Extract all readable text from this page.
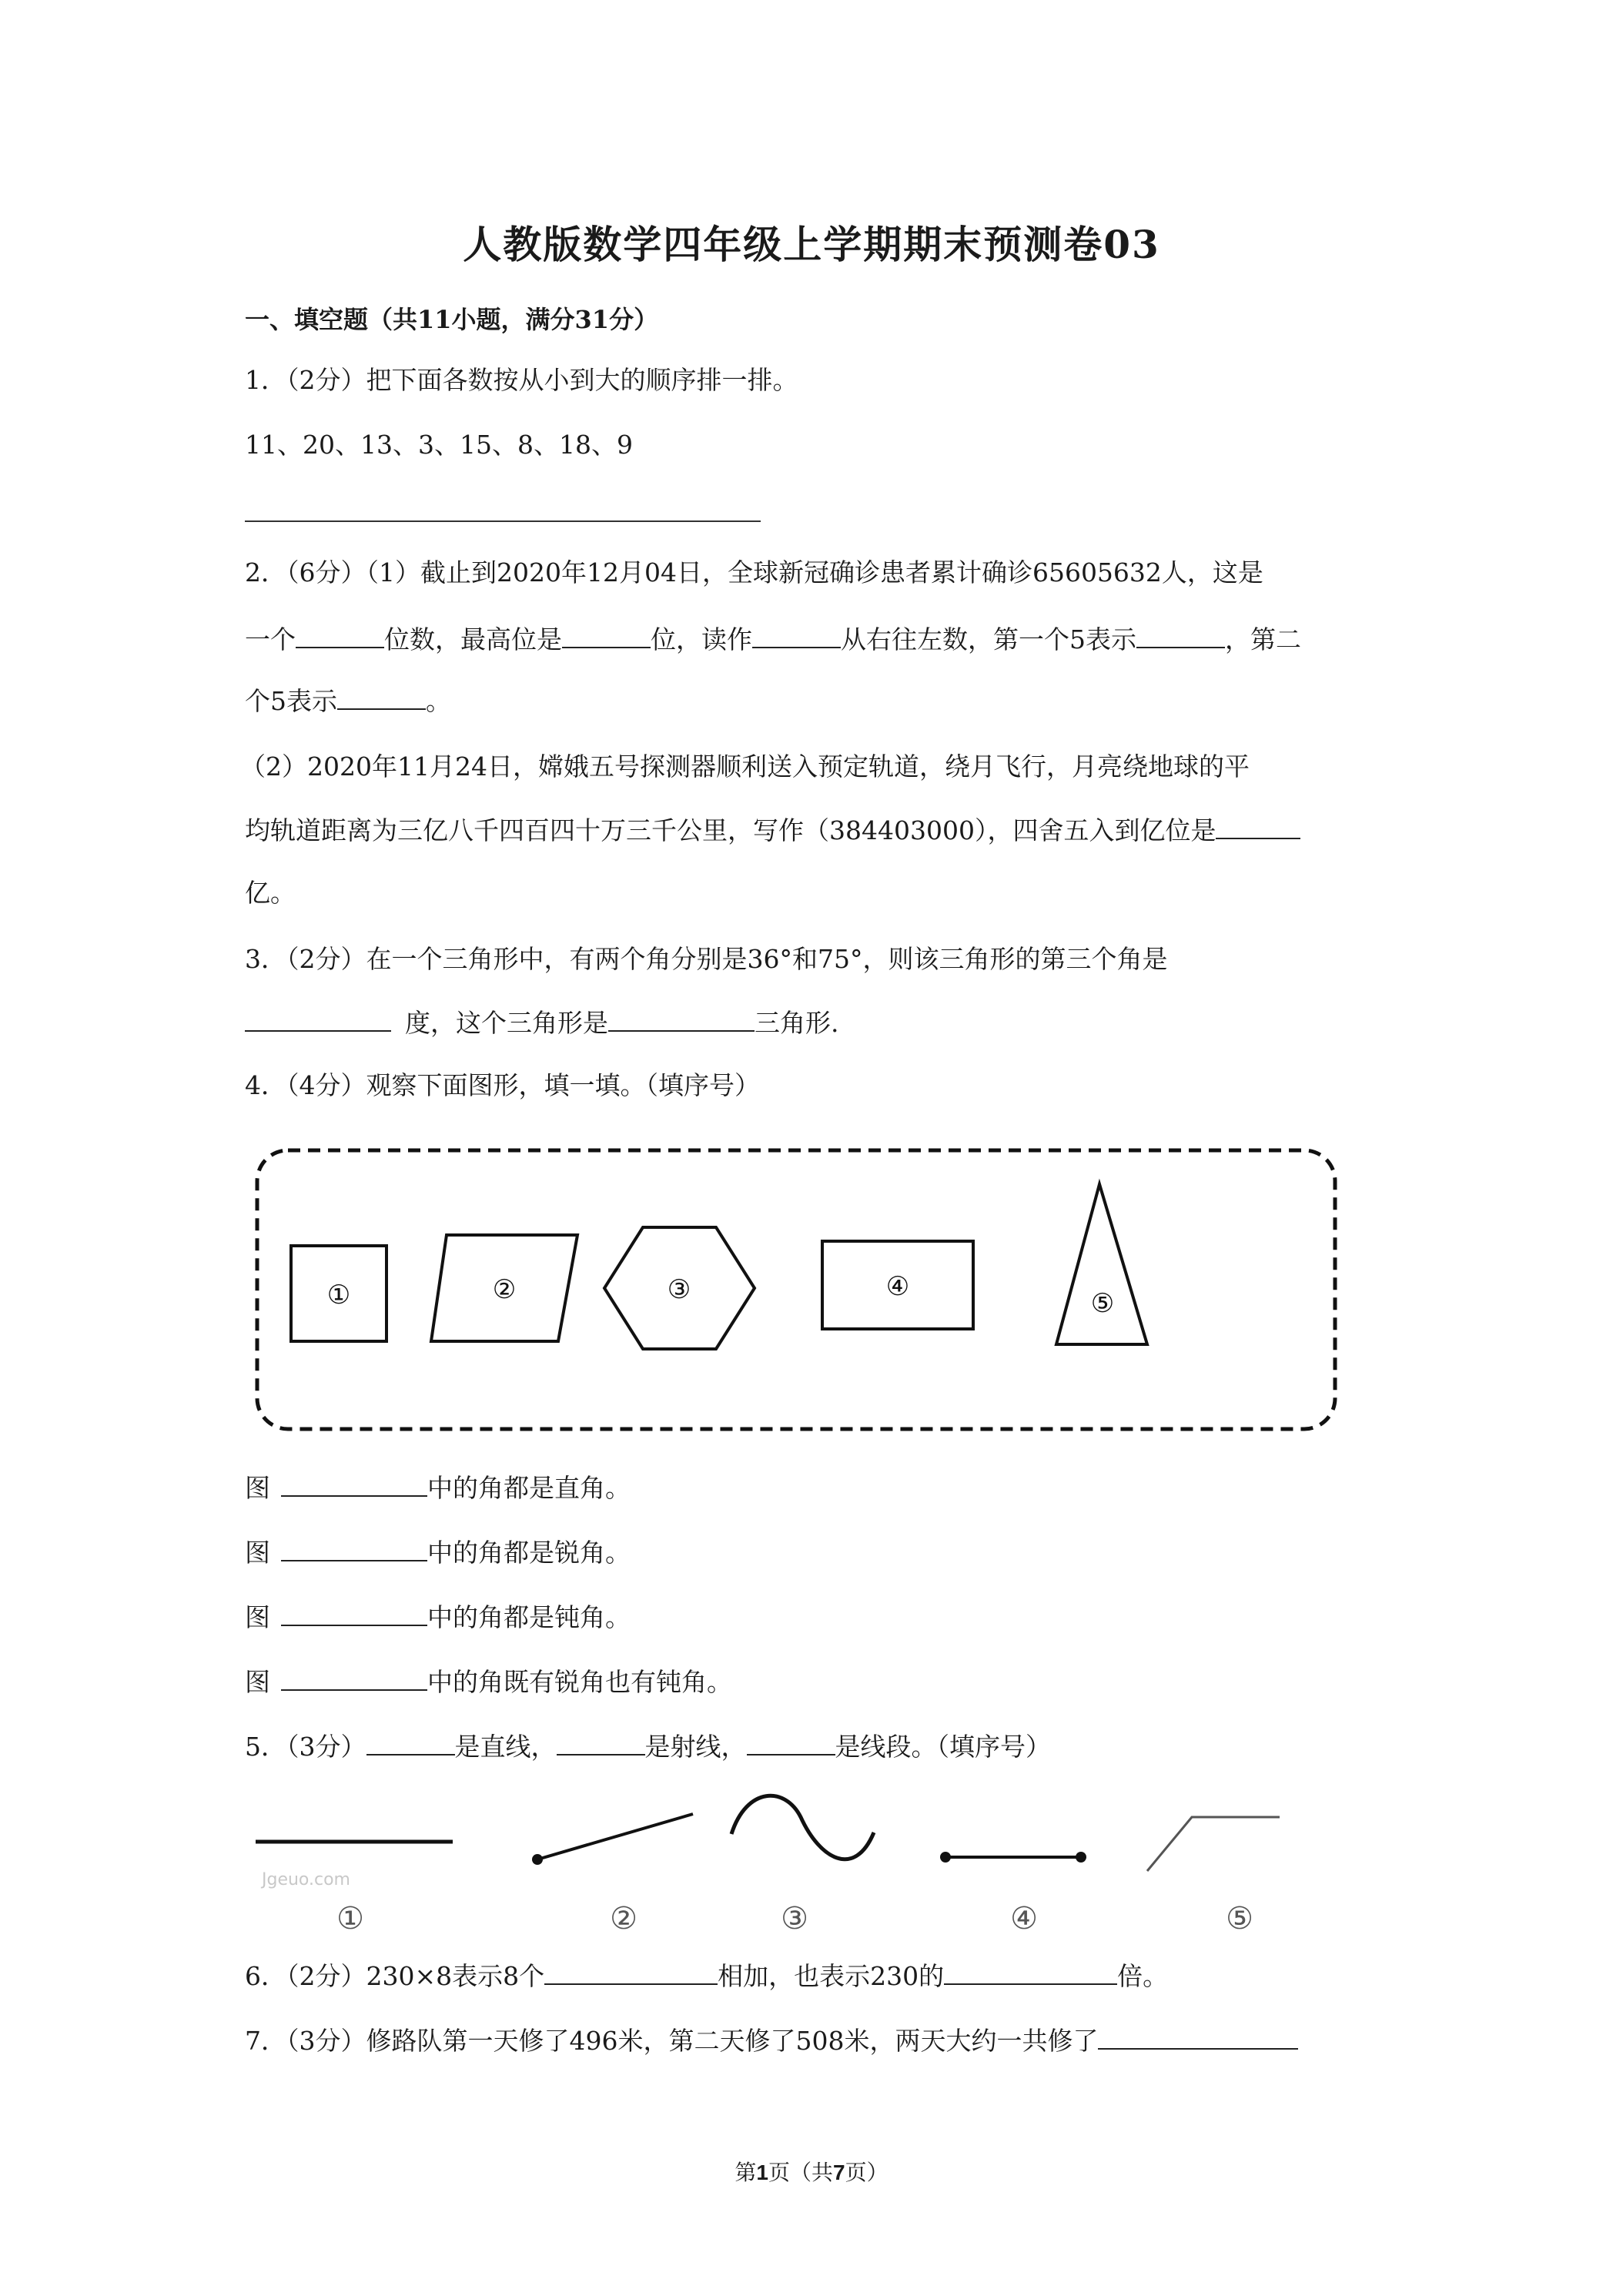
人教版数学四年级上学期期末预测卷03
一、填空题（共11小题，满分31分）
1．（2分）把下面各数按从小到大的顺序排一排。
11、20、13、3、15、8、18、9
2．（6分）（1）截止到2020年12月04日，全球新冠确诊患者累计确诊65605632人，这是
一个	位数，最高位是	位，读作	从右往左数，第一个5表示	，第二
个5表示	。
（2）2020年11月24日，嫦娥五号探测器顺利送入预定轨道，绕月飞行，月亮绕地球的平
均轨道距离为三亿八千四百四十万三千公里，写作（384403000），四舍五入到亿位是
亿。
3．（2分）在一个三角形中，有两个角分别是36°和75°，则该三角形的第三个角是
度，这个三角形是	三角形.
4．（4分）观察下面图形，填一填。（填序号）
①	②	③	④
⑤
图	中的角都是直角。
图	中的角都是锐角。
图	中的角都是钝角。
图	中的角既有锐角也有钝角。
5．（3分）	是直线，	是射线，	是线段。（填序号）
Jgeuo.com
①	②	③	④	⑤
6．（2分）230×8表示8个	相加，也表示230的	倍。
7．（3分）修路队第一天修了496米，第二天修了508米，两天大约一共修了
第1页（共7页）
